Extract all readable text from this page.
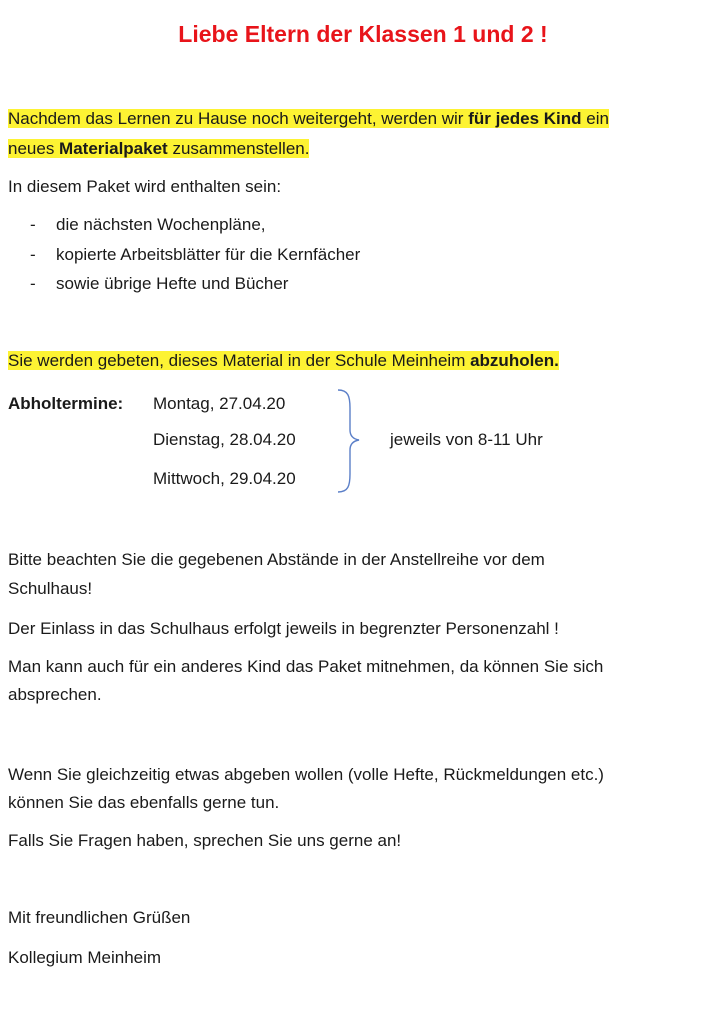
Liebe Eltern der Klassen 1 und 2 !
Nachdem das Lernen zu Hause noch weitergeht, werden wir für jedes Kind ein
neues Materialpaket zusammenstellen.
In diesem Paket wird enthalten sein:
- die nächsten Wochenpläne,
- kopierte Arbeitsblätter für die Kernfächer
- sowie übrige Hefte und Bücher
Sie werden gebeten, dieses Material in der Schule Meinheim abzuholen.
Abholtermine: Montag, 27.04.20
Dienstag, 28.04.20
Mittwoch, 29.04.20
jeweils von 8-11 Uhr
Bitte beachten Sie die gegebenen Abstände in der Anstellreihe vor dem
Schulhaus!
Der Einlass in das Schulhaus erfolgt jeweils in begrenzter Personenzahl !
Man kann auch für ein anderes Kind das Paket mitnehmen, da können Sie sich
absprechen.
Wenn Sie gleichzeitig etwas abgeben wollen (volle Hefte, Rückmeldungen etc.)
können Sie das ebenfalls gerne tun.
Falls Sie Fragen haben, sprechen Sie uns gerne an!
Mit freundlichen Grüßen
Kollegium Meinheim
